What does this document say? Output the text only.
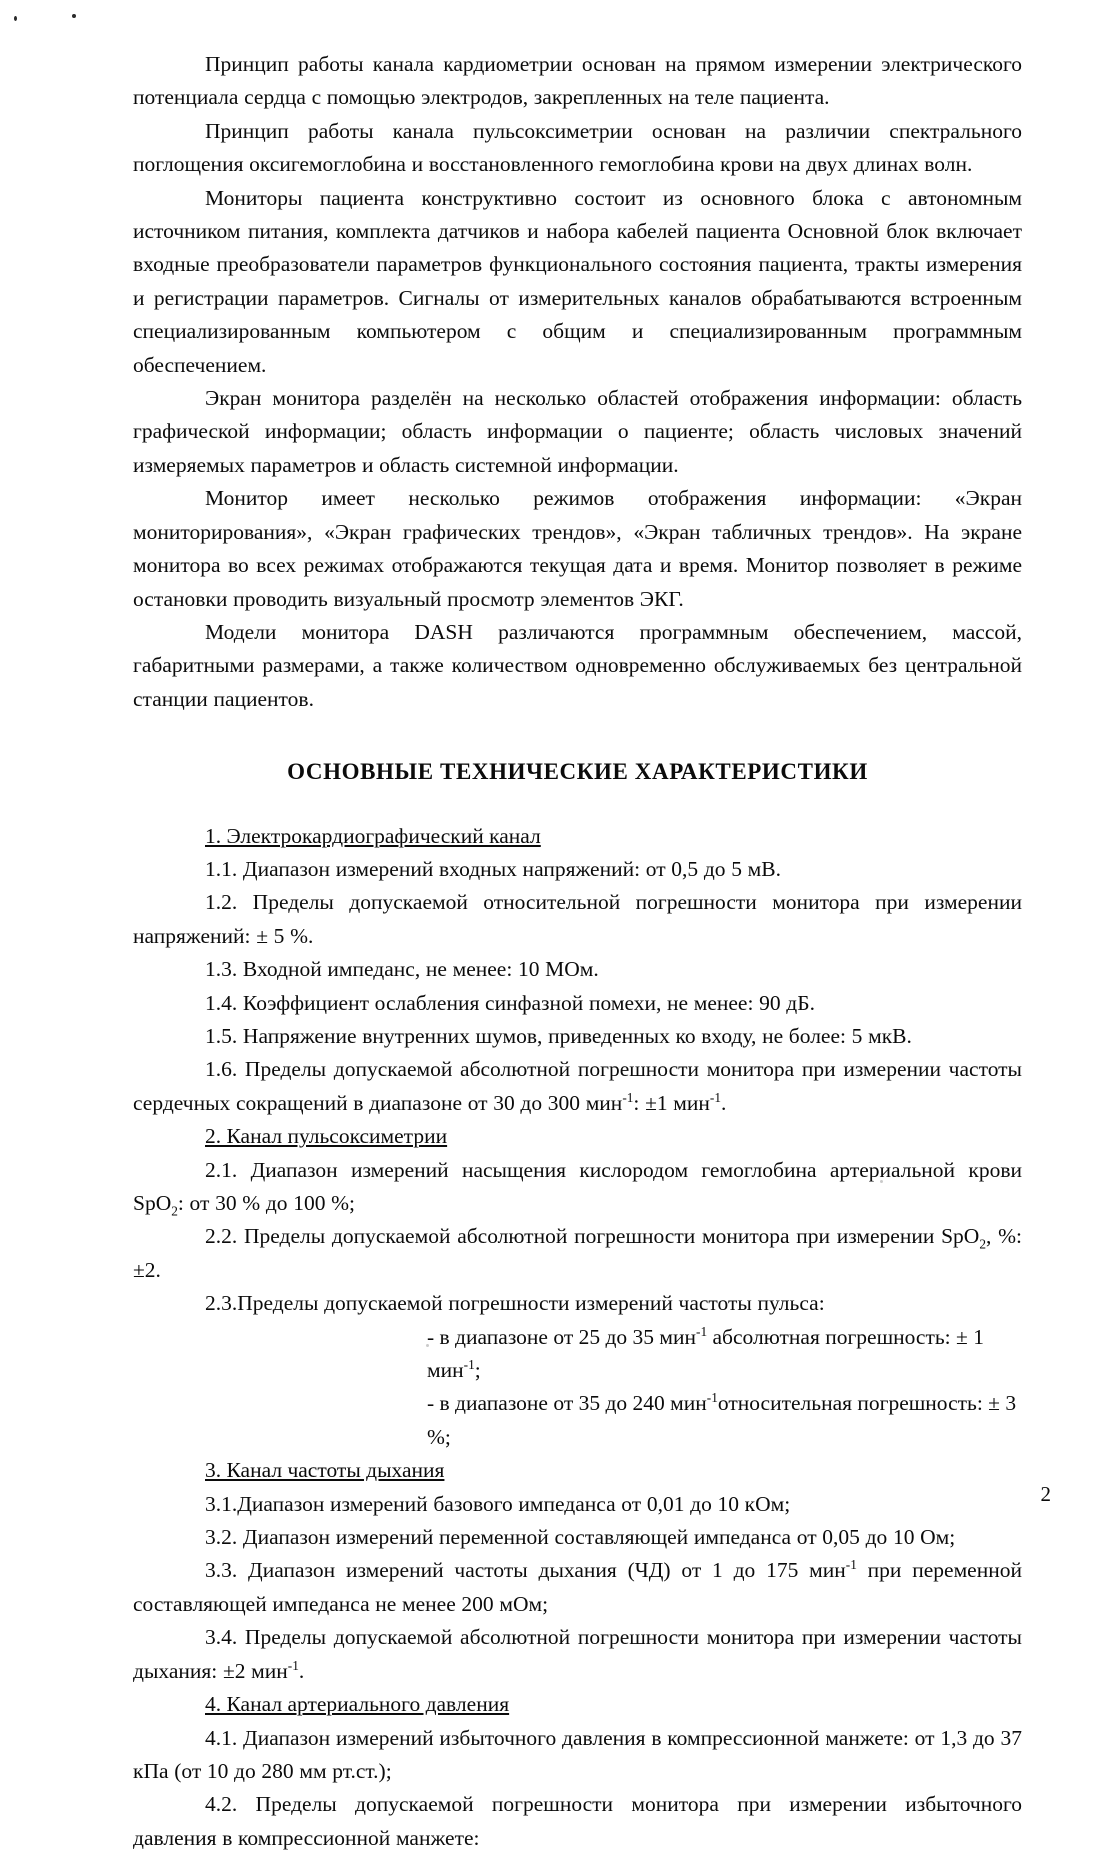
Принцип работы канала кардиометрии основан на прямом измерении электрического потенциала сердца с помощью электродов, закрепленных на теле пациента.

Принцип работы канала пульсоксиметрии основан на различии спектрального поглощения оксигемоглобина и восстановленного гемоглобина крови на двух длинах волн.

Мониторы пациента конструктивно состоит из основного блока с автономным источником питания, комплекта датчиков и набора кабелей пациента Основной блок включает входные преобразователи параметров функционального состояния пациента, тракты измерения и регистрации параметров. Сигналы от измерительных каналов обрабатываются встроенным специализированным компьютером с общим и специализированным программным обеспечением.

Экран монитора разделён на несколько областей отображения информации: область графической информации; область информации о пациенте; область числовых значений измеряемых параметров и область системной информации.

Монитор имеет несколько режимов отображения информации: «Экран мониторирования», «Экран графических трендов», «Экран табличных трендов». На экране монитора во всех режимах отображаются текущая дата и время. Монитор позволяет в режиме остановки проводить визуальный просмотр элементов ЭКГ.

Модели монитора DASH различаются программным обеспечением, массой, габаритными размерами, а также количеством одновременно обслуживаемых без центральной станции пациентов.

ОСНОВНЫЕ ТЕХНИЧЕСКИЕ ХАРАКТЕРИСТИКИ

1. Электрокардиографический канал

1.1. Диапазон измерений входных напряжений: от 0,5 до 5 мВ.

1.2. Пределы допускаемой относительной погрешности монитора при измерении напряжений: ± 5 %.

1.3. Входной импеданс, не менее: 10 МОм.

1.4. Коэффициент ослабления синфазной помехи, не менее: 90 дБ.

1.5. Напряжение внутренних шумов, приведенных ко входу, не более: 5 мкВ.

1.6. Пределы допускаемой абсолютной погрешности монитора при измерении частоты сердечных сокращений в диапазоне от 30 до 300 мин$^{-1}$: ±1 мин$^{-1}$.

2. Канал пульсоксиметрии

2.1. Диапазон измерений насыщения кислородом гемоглобина артериальной крови SpO$_2$: от 30 % до 100 %;

2.2. Пределы допускаемой абсолютной погрешности монитора при измерении SpO$_2$, %: ±2.

2.3.Пределы допускаемой погрешности измерений частоты пульса:

- в диапазоне от 25 до 35 мин$^{-1}$ абсолютная погрешность: ± 1 мин$^{-1}$;

- в диапазоне от 35 до 240 мин$^{-1}$относительная погрешность: ± 3 %;

3. Канал частоты дыхания

3.1.Диапазон измерений базового импеданса от 0,01 до 10 кОм;

3.2. Диапазон измерений переменной составляющей импеданса от 0,05 до 10 Ом;

3.3. Диапазон измерений частоты дыхания (ЧД) от 1 до 175 мин$^{-1}$ при переменной составляющей импеданса не менее 200 мОм;

3.4. Пределы допускаемой абсолютной погрешности монитора при измерении частоты дыхания: ±2 мин$^{-1}$.

4. Канал артериального давления

4.1. Диапазон измерений избыточного давления в компрессионной манжете: от 1,3 до 37 кПа (от 10 до 280 мм рт.ст.);

4.2. Пределы допускаемой погрешности монитора при измерении избыточного давления в компрессионной манжете:

2
